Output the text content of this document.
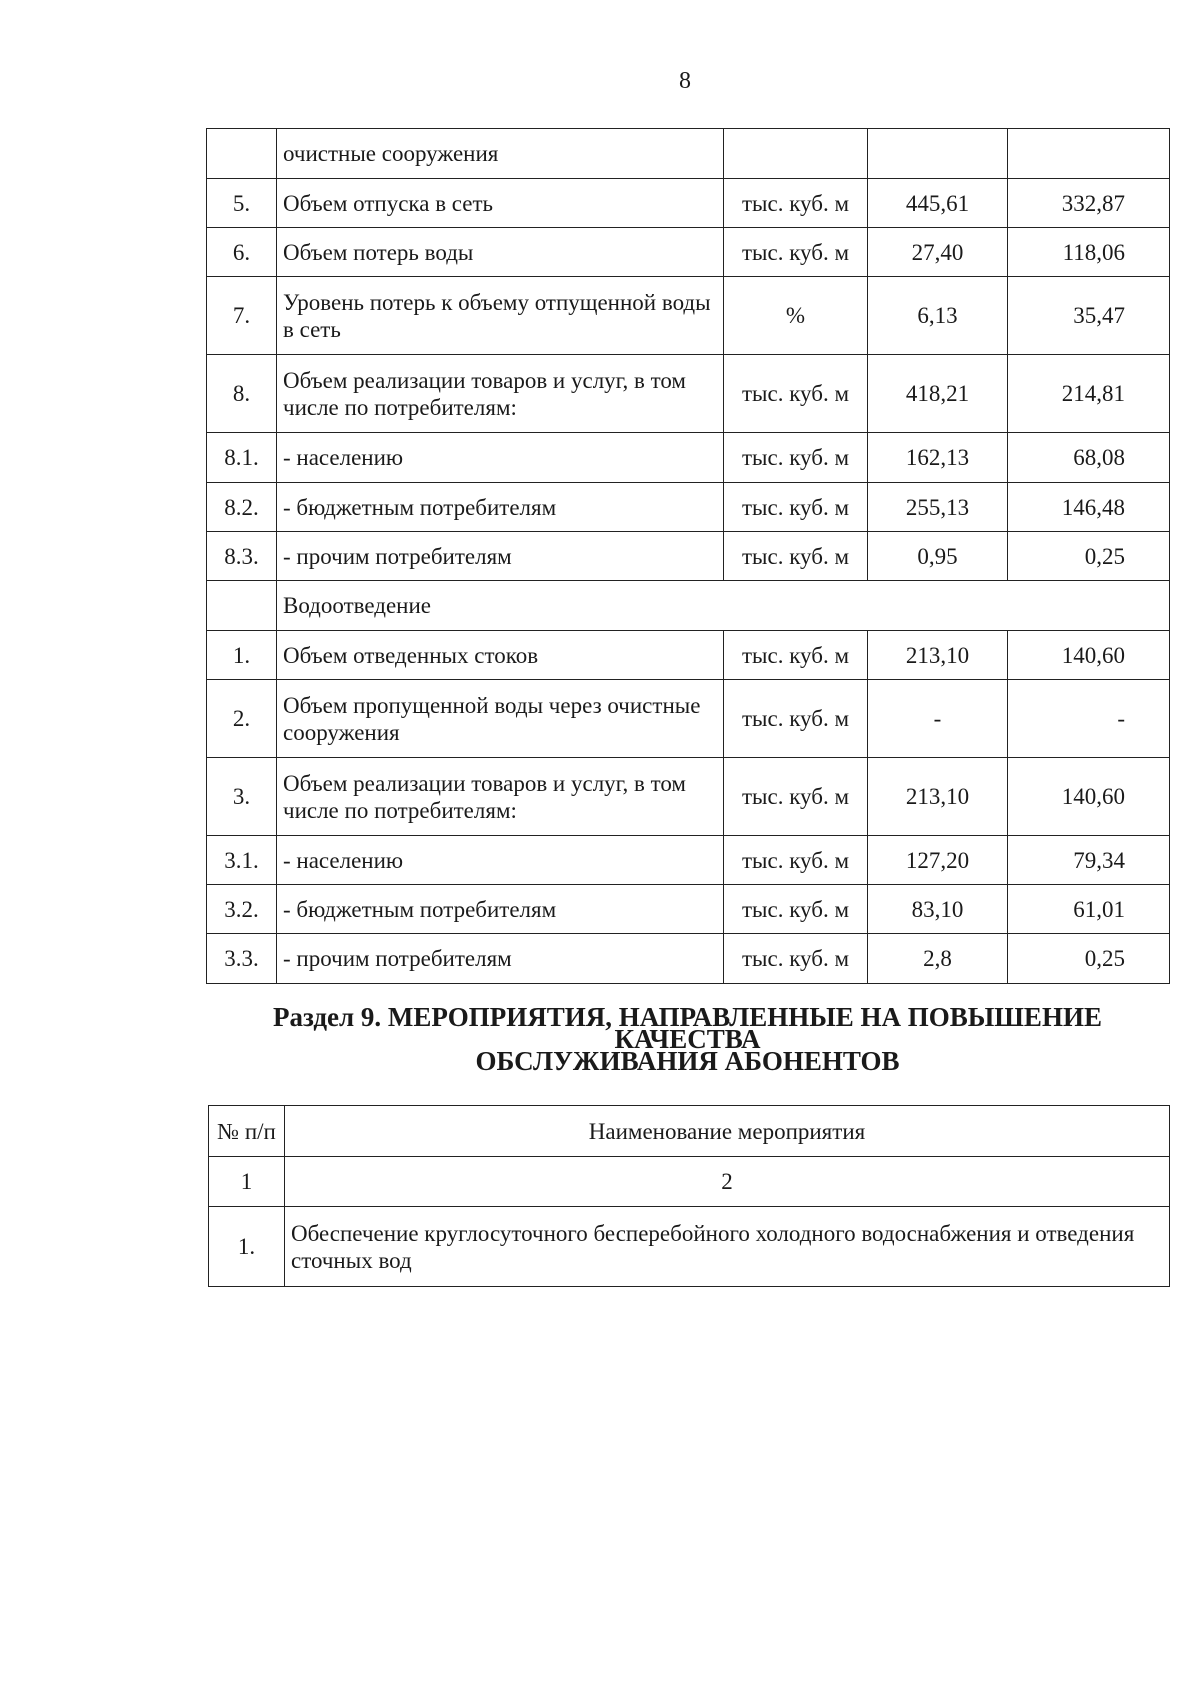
8
	очистные сооружения			
5.	Объем отпуска в сеть	тыс. куб. м	445,61	332,87
6.	Объем потерь воды	тыс. куб. м	27,40	118,06
7.	Уровень потерь к объему отпущенной воды в сеть	%	6,13	35,47
8.	Объем реализации товаров и услуг, в том числе по потребителям:	тыс. куб. м	418,21	214,81
8.1.	- населению	тыс. куб. м	162,13	68,08
8.2.	- бюджетным потребителям	тыс. куб. м	255,13	146,48
8.3.	- прочим потребителям	тыс. куб. м	0,95	0,25
	Водоотведение			
1.	Объем отведенных стоков	тыс. куб. м	213,10	140,60
2.	Объем пропущенной воды через очистные сооружения	тыс. куб. м	-	-
3.	Объем реализации товаров и услуг, в том числе по потребителям:	тыс. куб. м	213,10	140,60
3.1.	- населению	тыс. куб. м	127,20	79,34
3.2.	- бюджетным потребителям	тыс. куб. м	83,10	61,01
3.3.	- прочим потребителям	тыс. куб. м	2,8	0,25
Раздел 9. МЕРОПРИЯТИЯ, НАПРАВЛЕННЫЕ НА ПОВЫШЕНИЕ
КАЧЕСТВА
ОБСЛУЖИВАНИЯ АБОНЕНТОВ
№ п/п	Наименование мероприятия
1	2
1.	Обеспечение круглосуточного бесперебойного холодного водоснабжения и отведения сточных вод
